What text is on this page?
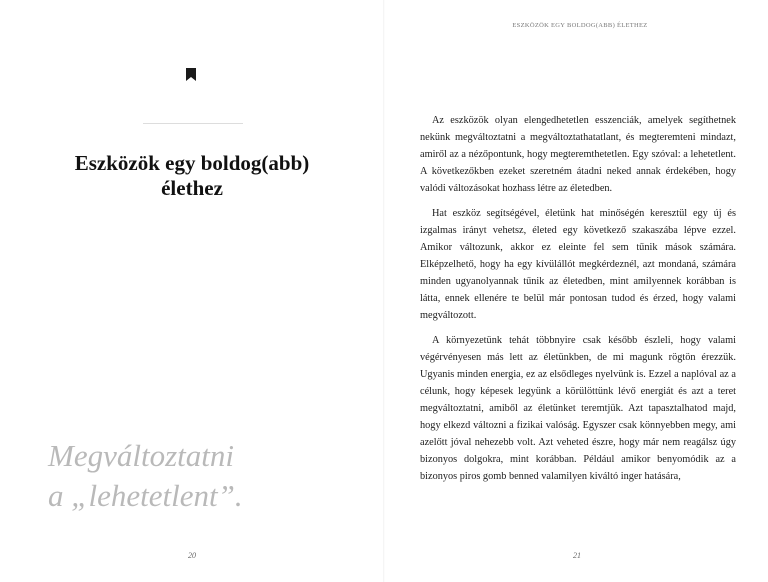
Eszközök egy boldog(abb)
élethez
Megváltoztatni
a „lehetetlent”.
20
ESZKÖZÖK EGY BOLDOG(ABB) ÉLETHEZ

Az eszközök olyan elengedhetetlen esszenciák, amelyek segíthetnek nekünk megváltoztatni a megváltoztathatatlant, és megteremteni mindazt, amiről az a nézőpontunk, hogy megteremthetetlen. Egy szóval: a lehetetlent. A következőkben ezeket szeretném átadni neked annak érdekében, hogy valódi változásokat hozhass létre az életedben.

Hat eszköz segítségével, életünk hat minőségén keresztül egy új és izgalmas irányt vehetsz, életed egy következő szakaszába lépve ezzel. Amikor változunk, akkor ez eleinte fel sem tűnik mások számára. Elképzelhető, hogy ha egy kívülállót megkérdeznél, azt mondaná, számára minden ugyanolyannak tűnik az életedben, mint amilyennek korábban is látta, ennek ellenére te belül már pontosan tudod és érzed, hogy valami megváltozott.

A környezetünk tehát többnyire csak később észleli, hogy valami végérvényesen más lett az életünkben, de mi magunk rögtön érezzük. Ugyanis minden energia, ez az elsődleges nyelvünk is. Ezzel a naplóval az a célunk, hogy képesek legyünk a körülöttünk lévő energiát és azt a teret megváltoztatni, amiből az életünket teremtjük. Azt tapasztalhatod majd, hogy elkezd változni a fizikai valóság. Egyszer csak könnyebben megy, ami azelőtt jóval nehezebb volt. Azt veheted észre, hogy már nem reagálsz úgy bizonyos dolgokra, mint korábban. Például amikor benyomódik az a bizonyos piros gomb benned valamilyen kiváltó inger hatására,

21
